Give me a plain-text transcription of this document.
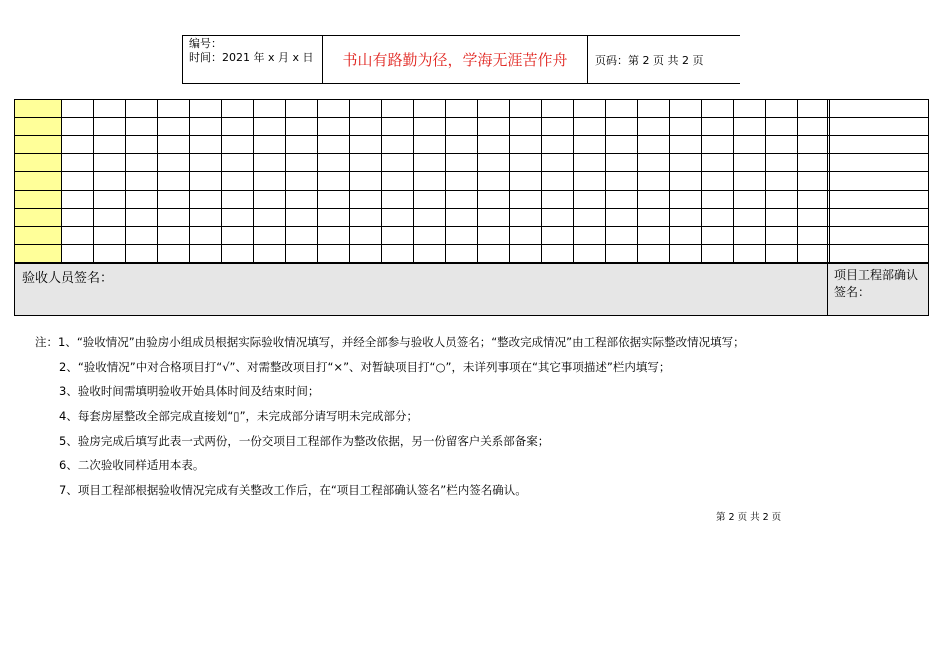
编号：
时间：2021 年 x 月 x 日	书山有路勤为径，学海无涯苦作舟	页码：第 2 页 共 2 页
验收人员签名：	项目工程部确认签名：
注：1、“验收情况”由验房小组成员根据实际验收情况填写，并经全部参与验收人员签名；“整改完成情况”由工程部依据实际整改情况填写；
2、“验收情况”中对合格项目打“√”、对需整改项目打“×”、对暂缺项目打“○”，未详列事项在“其它事项描述”栏内填写；
3、验收时间需填明验收开始具体时间及结束时间；
4、每套房屋整改全部完成直接划“▯”，未完成部分请写明未完成部分；
5、验房完成后填写此表一式两份，一份交项目工程部作为整改依据，另一份留客户关系部备案；
6、二次验收同样适用本表。
7、项目工程部根据验收情况完成有关整改工作后，在“项目工程部确认签名”栏内签名确认。
第 2 页 共 2 页
